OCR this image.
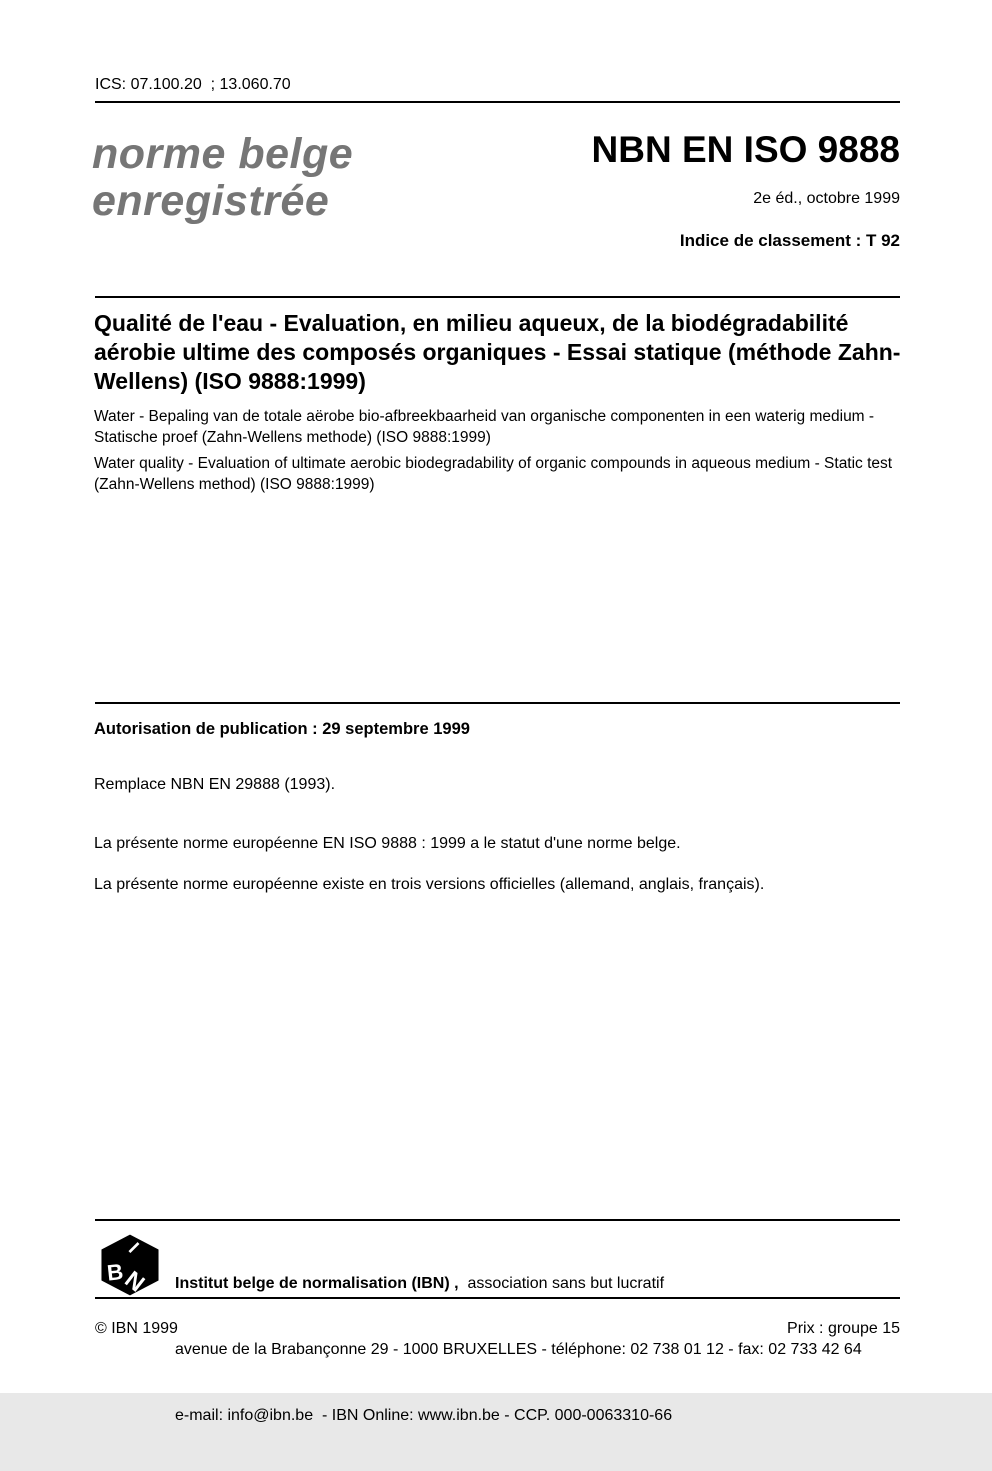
ICS: 07.100.20  ; 13.060.70
norme belge
enregistrée
NBN EN ISO 9888
2e éd., octobre 1999
Indice de classement : T 92
Qualité de l'eau - Evaluation, en milieu aqueux, de la biodégradabilité aérobie ultime des composés organiques - Essai statique (méthode Zahn-Wellens) (ISO 9888:1999)
Water - Bepaling van de totale aërobe bio-afbreekbaarheid van organische componenten in een waterig medium - Statische proef (Zahn-Wellens methode) (ISO 9888:1999)
Water quality - Evaluation of ultimate aerobic biodegradability of organic compounds in aqueous medium - Static test (Zahn-Wellens method) (ISO 9888:1999)
Autorisation de publication : 29 septembre 1999
Remplace NBN EN 29888 (1993).
La présente norme européenne EN ISO 9888 : 1999 a le statut d'une norme belge.
La présente norme européenne existe en trois versions officielles (allemand, anglais, français).
I
B
N

Institut belge de normalisation (IBN) ,  association sans but lucratif

avenue de la Brabançonne 29 - 1000 BRUXELLES - téléphone: 02 738 01 12 - fax: 02 733 42 64

e-mail: info@ibn.be  - IBN Online: www.ibn.be - CCP. 000-0063310-66

© IBN 1999	Prix : groupe 15
